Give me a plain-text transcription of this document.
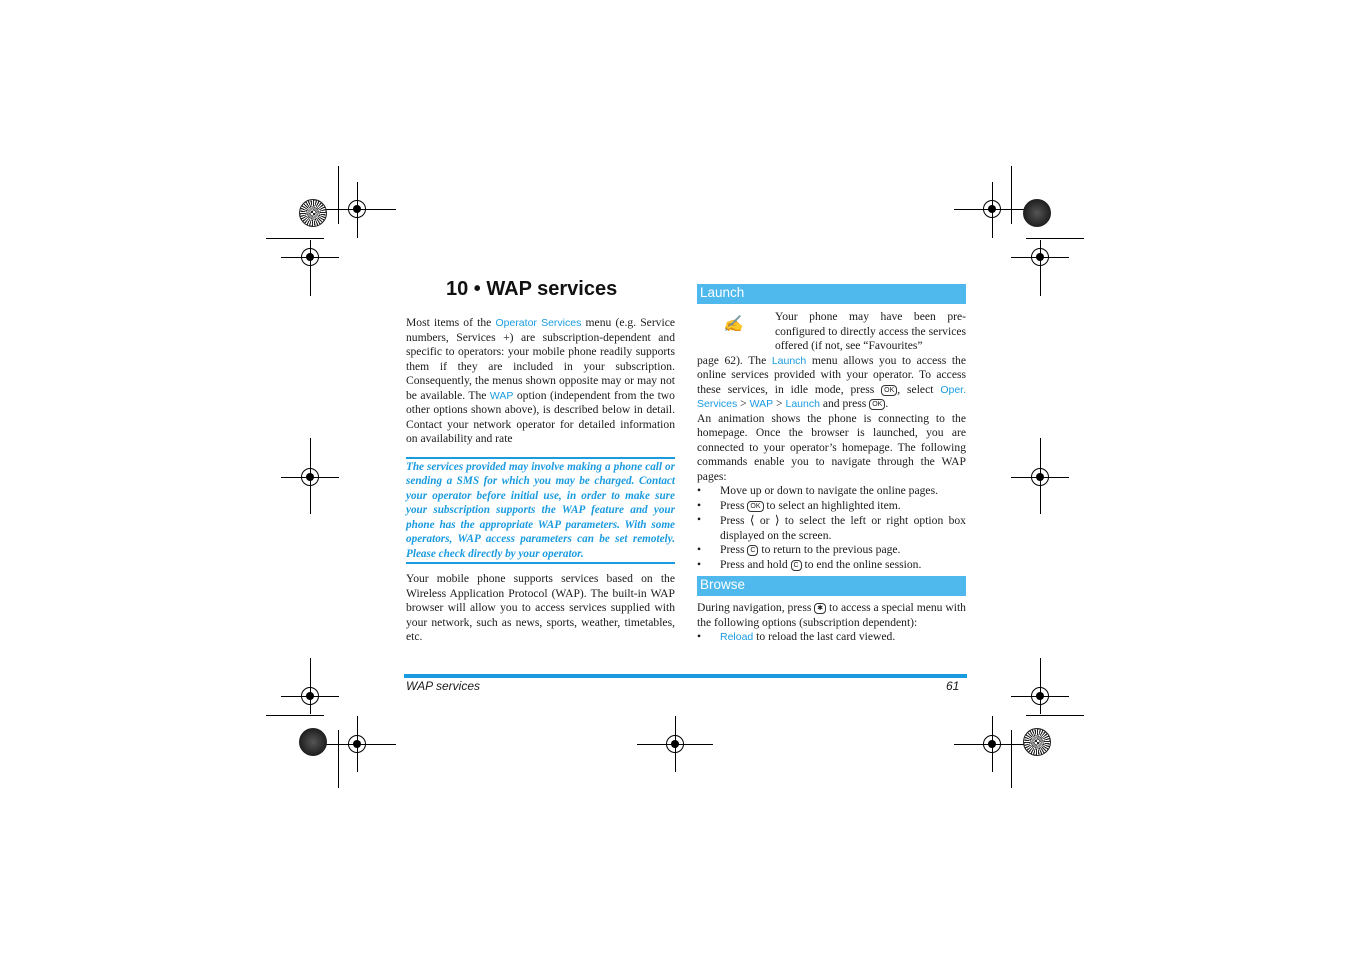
10 • WAP services

Most items of the Operator Services menu (e.g. Service numbers, Services +) are subscription-dependent and specific to operators: your mobile phone readily supports them if they are included in your subscription. Consequently, the menus shown opposite may or may not be available. The WAP option (independent from the two other options shown above), is described below in detail. Contact your network operator for detailed information on availability and rate

The services provided may involve making a phone call or sending a SMS for which you may be charged. Contact your operator before initial use, in order to make sure your subscription supports the WAP feature and your phone has the appropriate WAP parameters. With some operators, WAP access parameters can be set remotely. Please check directly by your operator.

Your mobile phone supports services based on the Wireless Application Protocol (WAP). The built-in WAP browser will allow you to access services supplied with your network, such as news, sports, weather, timetables, etc.

Launch
✍	Your phone may have been pre-configured to directly access the services offered (if not, see “Favourites”

page 62). The Launch menu allows you to access the online services provided with your operator. To access these services, in idle mode, press OK , select Oper. Services > WAP > Launch and press OK .

An animation shows the phone is connecting to the homepage. Once the browser is launched, you are connected to your operator’s homepage. The following commands enable you to navigate through the WAP pages:

• Move up or down to navigate the online pages.
• Press OK to select an highlighted item.
• Press ⟨ or ⟩ to select the left or right option box displayed on the screen.
• Press C to return to the previous page.
• Press and hold C to end the online session.
Browse

During navigation, press ✱ to access a special menu with the following options (subscription dependent):

• Reload to reload the last card viewed.
WAP services	61
